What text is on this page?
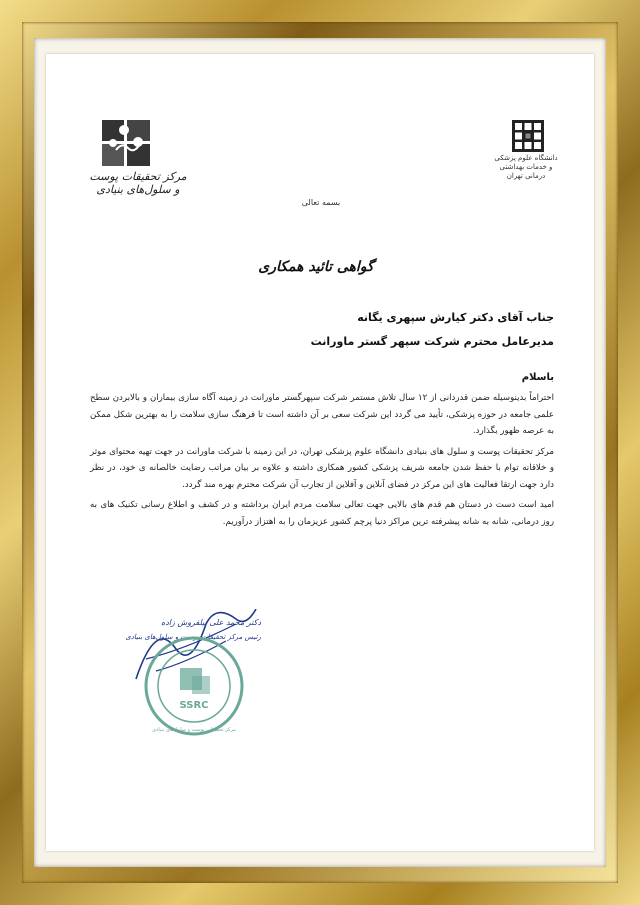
مرکز تحقیقات پوست و سلول‌های بنیادی
دانشگاه علوم پزشکی و خدمات بهداشتی درمانی تهران
بسمه تعالی
گواهی تائید همکاری
جناب آقای دکتر کیارش سپهری یگانه
مدیرعامل محترم شرکت سپهر گستر ماورانت
باسلام

احتراماً بدینوسیله ضمن قدردانی از ۱۲ سال تلاش مستمر شرکت سپهرگستر ماورانت در زمینه آگاه سازی بیماران و بالابردن سطح علمی جامعه در حوزه پزشکی، تأیید می گردد این شرکت سعی بر آن داشته است تا فرهنگ سازی سلامت را به بهترین شکل ممکن به عرصه ظهور بگذارد.

مرکز تحقیقات پوست و سلول های بنیادی دانشگاه علوم پزشکی تهران، در این زمینه با شرکت ماورانت در جهت تهیه محتوای موثر و خلاقانه توام با حفظ شدن جامعه شریف پزشکی کشور همکاری داشته و علاوه بر بیان مراتب رضایت خالصانه ی خود، در نظر دارد جهت ارتقا فعالیت های این مرکز در فضای آنلاین و آفلاین از تجارب آن شرکت محترم بهره مند گردد.

امید است دست در دستان هم قدم های بالایی جهت تعالی سلامت مردم ایران برداشته و در کشف و اطلاع رسانی تکنیک های به روز درمانی، شانه به شانه پیشرفته ترین مراکز دنیا پرچم کشور عزیزمان را به اهتزاز درآوریم.

دکتر محمد علی نیلفروش زاده
رئیس مرکز تحقیقات پوست و سلول‌های بنیادی
SSRC
مرکز تحقیقات پوست و سلول‌های بنیادی
